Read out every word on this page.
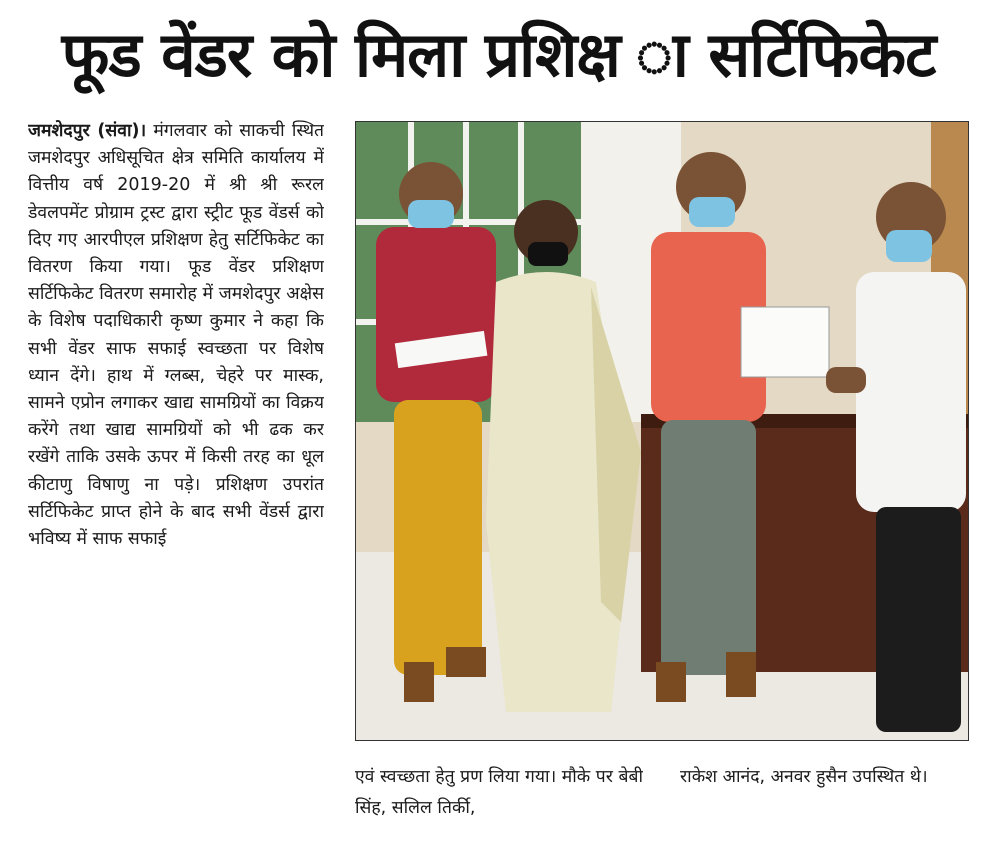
फूड वेंडर को मिला प्रशिक्ष ा सर्टिफिकेट
जमशेदपुर (संवा)। मंगलवार को साकची स्थित जमशेदपुर अधिसूचित क्षेत्र समिति कार्यालय में वित्तीय वर्ष 2019-20 में श्री श्री रूरल डेवलपमेंट प्रोग्राम ट्रस्ट द्वारा स्ट्रीट फूड वेंडर्स को दिए गए आरपीएल प्रशिक्षण हेतु सर्टिफिकेट का वितरण किया गया। फूड वेंडर प्रशिक्षण सर्टिफिकेट वितरण समारोह में जमशेदपुर अक्षेस के विशेष पदाधिकारी कृष्ण कुमार ने कहा कि सभी वेंडर साफ सफाई स्वच्छता पर विशेष ध्यान देंगे। हाथ में ग्लब्स, चेहरे पर मास्क, सामने एप्रोन लगाकर खाद्य सामग्रियों का विक्रय करेंगे तथा खाद्य सामग्रियों को भी ढक कर रखेंगे ताकि उसके ऊपर में किसी तरह का धूल कीटाणु विषाणु ना पड़े। प्रशिक्षण उपरांत सर्टिफिकेट प्राप्त होने के बाद सभी वेंडर्स द्वारा भविष्य में साफ सफाई
एवं स्वच्छता हेतु प्रण लिया गया। मौके पर बेबी सिंह, सलिल तिर्की,
राकेश आनंद, अनवर हुसैन उपस्थित थे।
